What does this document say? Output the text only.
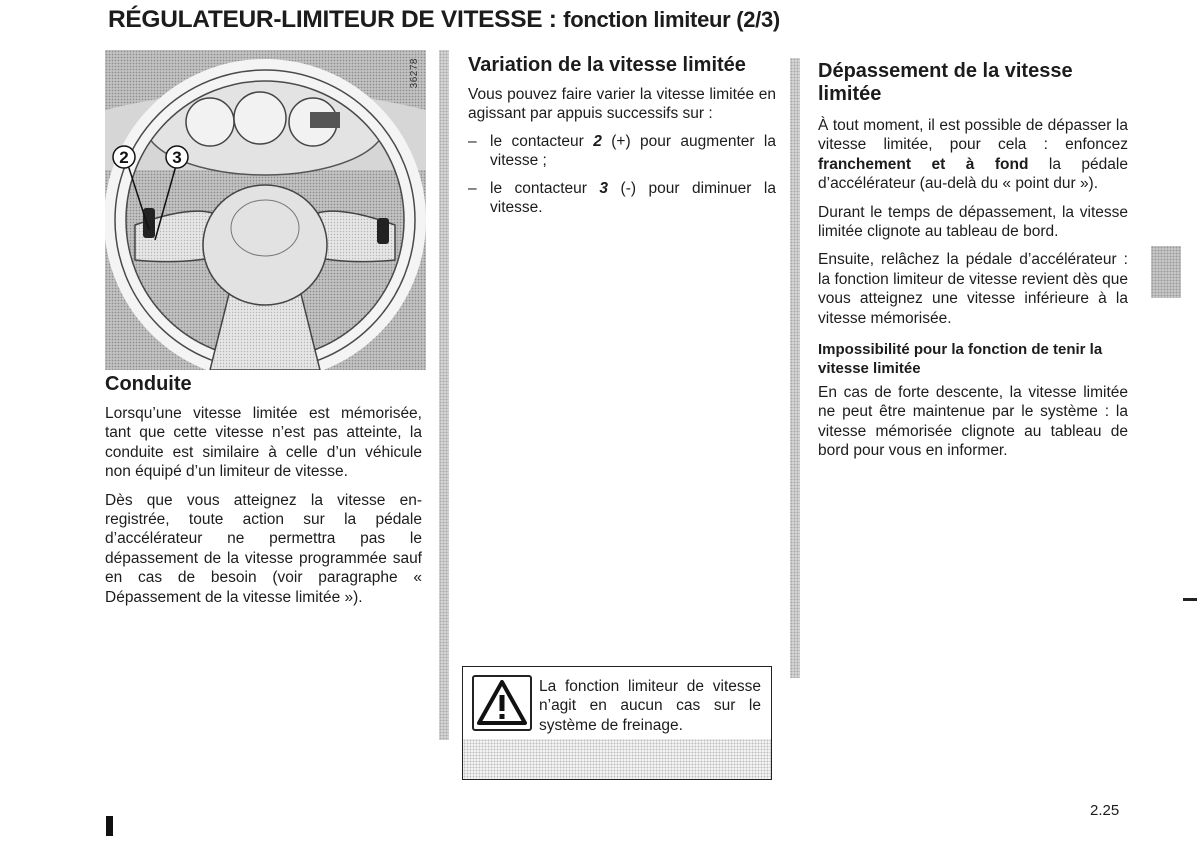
RÉGULATEUR-LIMITEUR DE VITESSE : fonction limiteur (2/3)
2	3
36278
Conduite

Lorsqu’une vitesse limitée est mémorisée, tant que cette vitesse n’est pas atteinte, la conduite est similaire à celle d’un véhicule non équipé d’un limiteur de vitesse.

Dès que vous atteignez la vitesse enregistrée, toute action sur la pédale d’accélérateur ne permettra pas le dépassement de la vitesse programmée sauf en cas de besoin (voir paragraphe « Dépassement de la vitesse limitée »).

Variation de la vitesse limitée

Vous pouvez faire varier la vitesse limitée en agissant par appuis successifs sur :

– le contacteur 2 (+) pour augmenter la vitesse ;
– le contacteur 3 (-) pour diminuer la vitesse.

La fonction limiteur de vitesse n’agit en aucun cas sur le système de freinage.

Dépassement de la vitesse limitée

À tout moment, il est possible de dépasser la vitesse limitée, pour cela : enfoncez franchement et à fond la pédale d’accélérateur (au-delà du « point dur »).

Durant le temps de dépassement, la vitesse limitée clignote au tableau de bord.

Ensuite, relâchez la pédale d’accélérateur : la fonction limiteur de vitesse revient dès que vous atteignez une vitesse inférieure à la vitesse mémorisée.

Impossibilité pour la fonction de tenir la vitesse limitée

En cas de forte descente, la vitesse limitée ne peut être maintenue par le système : la vitesse mémorisée clignote au tableau de bord pour vous en informer.

2.25
